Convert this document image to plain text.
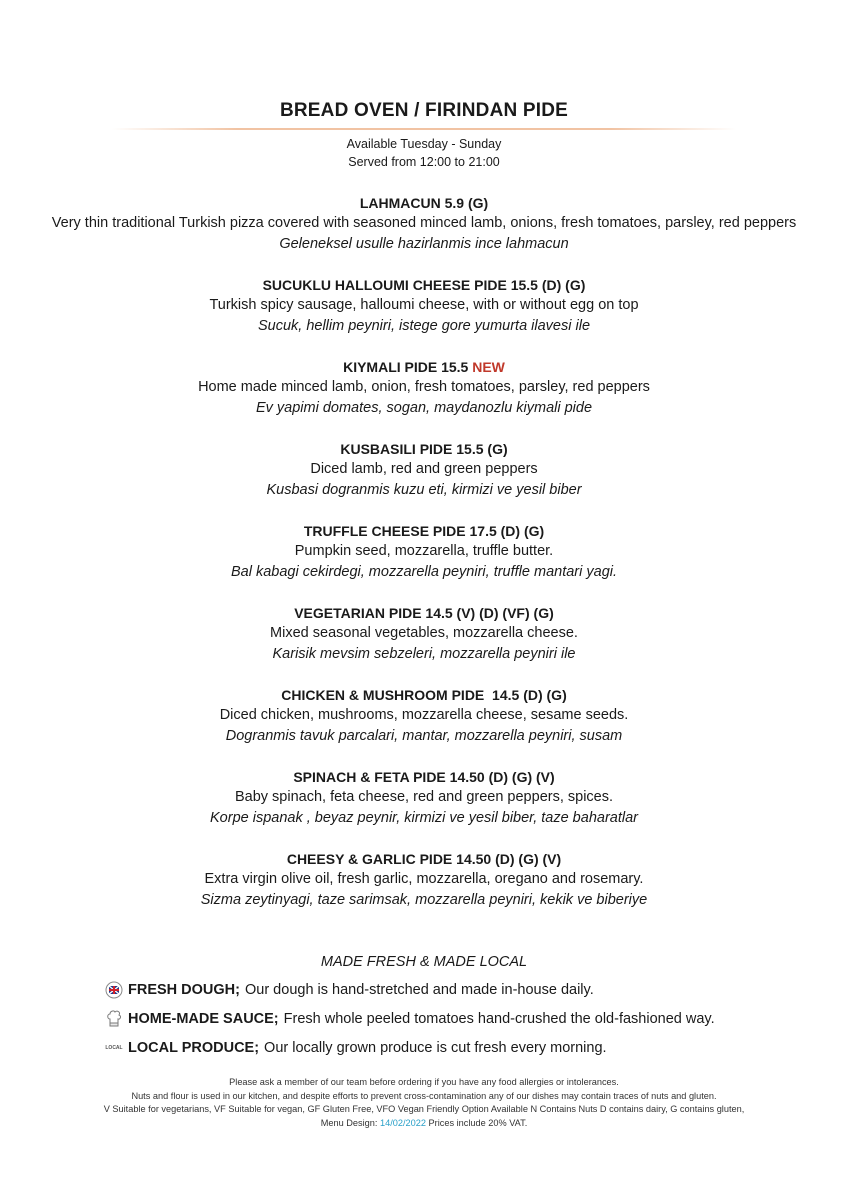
BREAD OVEN / FIRINDAN PIDE
Available Tuesday - Sunday
Served from 12:00 to 21:00
LAHMACUN 5.9 (G)
Very thin traditional Turkish pizza covered with seasoned minced lamb, onions, fresh tomatoes, parsley, red peppers
Geleneksel usulle hazirlanmis ince lahmacun
SUCUKLU HALLOUMI CHEESE PIDE 15.5 (D) (G)
Turkish spicy sausage, halloumi cheese, with or without egg on top
Sucuk, hellim peyniri, istege gore yumurta ilavesi ile
KIYMALI PIDE 15.5 NEW
Home made minced lamb, onion, fresh tomatoes, parsley, red peppers
Ev yapimi domates, sogan, maydanozlu kiymali pide
KUSBASILI PIDE 15.5 (G)
Diced lamb, red and green peppers
Kusbasi dogranmis kuzu eti, kirmizi ve yesil biber
TRUFFLE CHEESE PIDE 17.5 (D) (G)
Pumpkin seed, mozzarella, truffle butter.
Bal kabagi cekirdegi, mozzarella peyniri, truffle mantari yagi.
VEGETARIAN PIDE 14.5 (V) (D) (VF) (G)
Mixed seasonal vegetables, mozzarella cheese.
Karisik mevsim sebzeleri, mozzarella peyniri ile
CHICKEN & MUSHROOM PIDE  14.5 (D) (G)
Diced chicken, mushrooms, mozzarella cheese, sesame seeds.
Dogranmis tavuk parcalari, mantar, mozzarella peyniri, susam
SPINACH & FETA PIDE 14.50 (D) (G) (V)
Baby spinach, feta cheese, red and green peppers, spices.
Korpe ispanak , beyaz peynir, kirmizi ve yesil biber, taze baharatlar
CHEESY & GARLIC PIDE 14.50 (D) (G) (V)
Extra virgin olive oil, fresh garlic, mozzarella, oregano and rosemary.
Sizma zeytinyagi, taze sarimsak, mozzarella peyniri, kekik ve biberiye
MADE FRESH & MADE LOCAL
FRESH DOUGH; Our dough is hand-stretched and made in-house daily.
HOME-MADE SAUCE; Fresh whole peeled tomatoes hand-crushed the old-fashioned way.
LOCAL LOCAL PRODUCE; Our locally grown produce is cut fresh every morning.
Please ask a member of our team before ordering if you have any food allergies or intolerances.
Nuts and flour is used in our kitchen, and despite efforts to prevent cross-contamination any of our dishes may contain traces of nuts and gluten.
V Suitable for vegetarians, VF Suitable for vegan, GF Gluten Free, VFO Vegan Friendly Option Available N Contains Nuts D contains dairy, G contains gluten,
Menu Design: 14/02/2022 Prices include 20% VAT.
